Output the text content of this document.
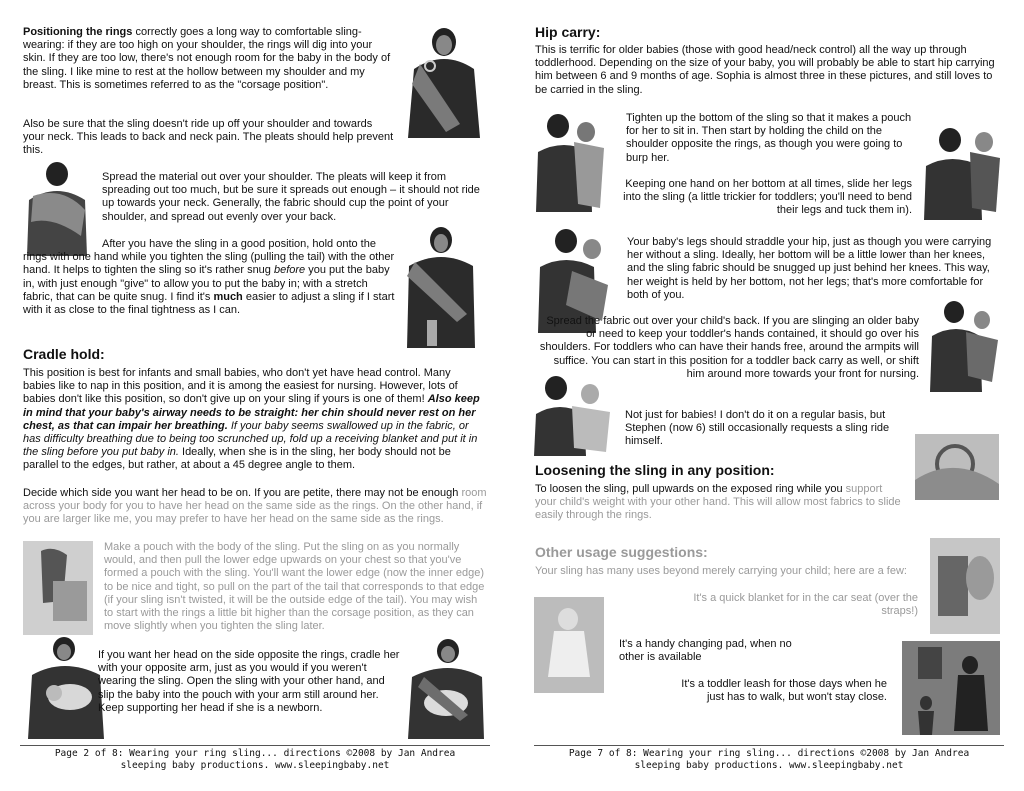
Positioning the rings correctly goes a long way to comfortable sling-wearing: if they are too high on your shoulder, the rings will dig into your skin. If they are too low, there's not enough room for the baby in the body of the sling. I like mine to rest at the hollow between my shoulder and my breast. This is sometimes referred to as the "corsage position".

Also be sure that the sling doesn't ride up off your shoulder and towards your neck. This leads to back and neck pain. The pleats should help prevent this.

Spread the material out over your shoulder. The pleats will keep it from spreading out too much, but be sure it spreads out enough – it should not ride up towards your neck. Generally, the fabric should cup the point of your shoulder, and spread out evenly over your back.

After you have the sling in a good position, hold onto the rings with one hand while you tighten the sling (pulling the tail) with the other hand. It helps to tighten the sling so it's rather snug before you put the baby in, with just enough "give" to allow you to put the baby in; with a stretch fabric, that can be quite snug. I find it's much easier to adjust a sling if I start with it as close to the final tightness as I can.

Cradle hold:

This position is best for infants and small babies, who don't yet have head control. Many babies like to nap in this position, and it is among the easiest for nursing. However, lots of babies don't like this position, so don't give up on your sling if yours is one of them! Also keep in mind that your baby's airway needs to be straight: her chin should never rest on her chest, as that can impair her breathing. If your baby seems swallowed up in the fabric, or has difficulty breathing due to being too scrunched up, fold up a receiving blanket and put it in the sling before you put baby in. Ideally, when she is in the sling, her body should not be parallel to the edges, but rather, at about a 45 degree angle to them.

Decide which side you want her head to be on. If you are petite, there may not be enough room across your body for you to have her head on the same side as the rings. On the other hand, if you are larger like me, you may prefer to have her head on the same side as the rings.

Make a pouch with the body of the sling. Put the sling on as you normally would, and then pull the lower edge upwards on your chest so that you've formed a pouch with the sling. You'll want the lower edge (now the inner edge) to be nice and tight, so pull on the part of the tail that corresponds to that edge (if your sling isn't twisted, it will be the outside edge of the tail). You may wish to start with the rings a little bit higher than the corsage position, as they can move slightly when you tighten the sling later.

If you want her head on the side opposite the rings, cradle her with your opposite arm, just as you would if you weren't wearing the sling. Open the sling with your other hand, and slip the baby into the pouch with your arm still around her. Keep supporting her head if she is a newborn.

Page 2 of 8: Wearing your ring sling... directions ©2008 by Jan Andrea
sleeping baby productions. www.sleepingbaby.net
Hip carry:

This is terrific for older babies (those with good head/neck control) all the way up through toddlerhood. Depending on the size of your baby, you will probably be able to start hip carrying him between 6 and 9 months of age. Sophia is almost three in these pictures, and still loves to be carried in the sling.

Tighten up the bottom of the sling so that it makes a pouch for her to sit in. Then start by holding the child on the shoulder opposite the rings, as though you were going to burp her.

Keeping one hand on her bottom at all times, slide her legs into the sling (a little trickier for toddlers; you'll need to bend their legs and tuck them in).

Your baby's legs should straddle your hip, just as though you were carrying her without a sling. Ideally, her bottom will be a little lower than her knees, and the sling fabric should be snugged up just behind her knees. This way, her weight is held by her bottom, not her legs; that's more comfortable for both of you.

Spread the fabric out over your child's back. If you are slinging an older baby or need to keep your toddler's hands contained, it should go over his shoulders. For toddlers who can have their hands free, around the armpits will suffice. You can start in this position for a toddler back carry as well, or shift him around more towards your front for nursing.

Not just for babies! I don't do it on a regular basis, but Stephen (now 6) still occasionally requests a sling ride himself.

Loosening the sling in any position:

To loosen the sling, pull upwards on the exposed ring while you support your child's weight with your other hand. This will allow most fabrics to slide easily through the rings.

Other usage suggestions:

Your sling has many uses beyond merely carrying your child; here are a few:

It's a quick blanket for in the car seat (over the straps!)

It's a handy changing pad, when no other is available

It's a toddler leash for those days when he just has to walk, but won't stay close.

Page 7 of 8: Wearing your ring sling... directions ©2008 by Jan Andrea
sleeping baby productions. www.sleepingbaby.net
